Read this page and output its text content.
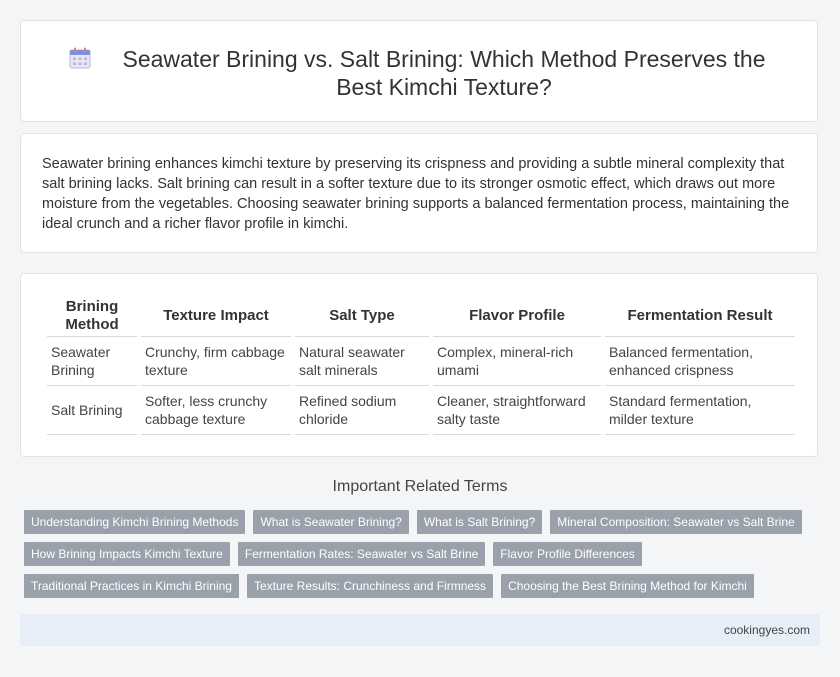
Seawater Brining vs. Salt Brining: Which Method Preserves the Best Kimchi Texture?

Seawater brining enhances kimchi texture by preserving its crispness and providing a subtle mineral complexity that salt brining lacks. Salt brining can result in a softer texture due to its stronger osmotic effect, which draws out more moisture from the vegetables. Choosing seawater brining supports a balanced fermentation process, maintaining the ideal crunch and a richer flavor profile in kimchi.

Brining Method	Texture Impact	Salt Type	Flavor Profile	Fermentation Result
Seawater Brining	Crunchy, firm cabbage texture	Natural seawater salt minerals	Complex, mineral-rich umami	Balanced fermentation, enhanced crispness
Salt Brining	Softer, less crunchy cabbage texture	Refined sodium chloride	Cleaner, straightforward salty taste	Standard fermentation, milder texture
Important Related Terms
Understanding Kimchi Brining Methods	What is Seawater Brining?	What is Salt Brining?	Mineral Composition: Seawater vs Salt Brine
How Brining Impacts Kimchi Texture	Fermentation Rates: Seawater vs Salt Brine	Flavor Profile Differences
Traditional Practices in Kimchi Brining	Texture Results: Crunchiness and Firmness	Choosing the Best Brining Method for Kimchi
cookingyes.com
